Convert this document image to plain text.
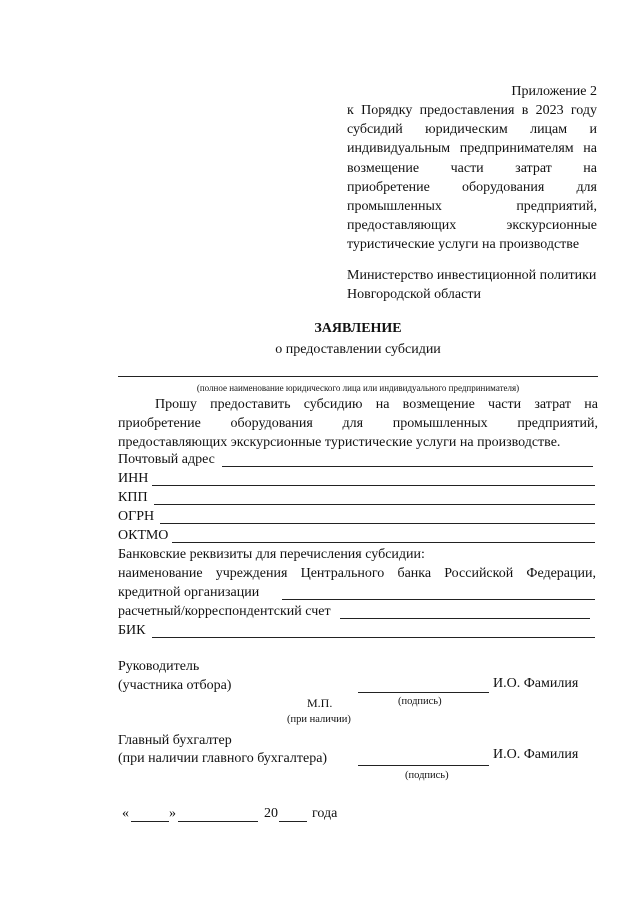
Приложение 2
к Порядку предоставления в 2023 году
субсидий юридическим лицам и
индивидуальным предпринимателям на
возмещение части затрат на
приобретение оборудования для
промышленных предприятий,
предоставляющих экскурсионные
туристические услуги на производстве
Министерство инвестиционной политики
Новгородской области
ЗАЯВЛЕНИЕ
о предоставлении субсидии
(полное наименование юридического лица или индивидуального предпринимателя)
Прошу предоставить субсидию на возмещение части затрат на
приобретение оборудования для промышленных предприятий,
предоставляющих экскурсионные туристические услуги на производстве.
Почтовый адрес
ИНН
КПП
ОГРН
ОКТМО
Банковские реквизиты для перечисления субсидии:
наименование учреждения Центрального банка Российской Федерации,
кредитной организации
расчетный/корреспондентский счет
БИК
Руководитель
(участника отбора)	И.О. Фамилия
М.П.	(подпись)
(при наличии)
Главный бухгалтер
(при наличии главного бухгалтера)	И.О. Фамилия
(подпись)
«	»	20 года
